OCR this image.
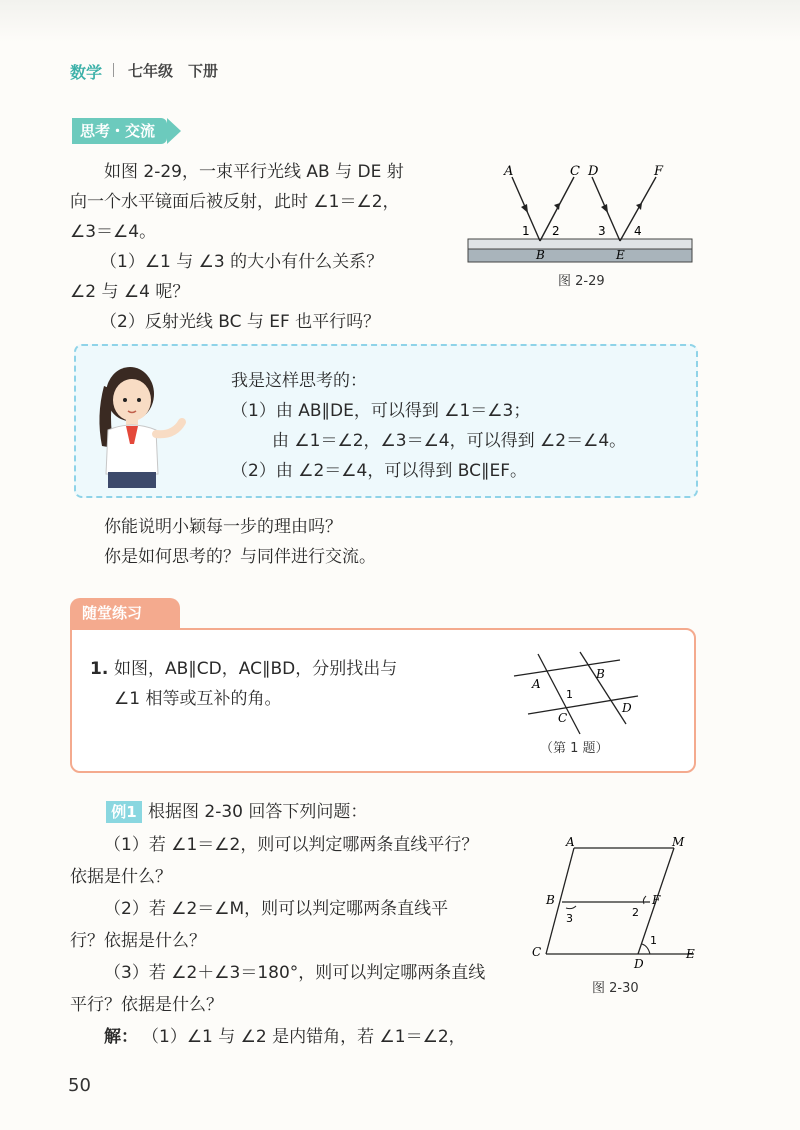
数学 七年级　下册
思考・交流
如图 2-29，一束平行光线 AB 与 DE 射
向一个水平镜面后被反射，此时 ∠1＝∠2，
∠3＝∠4。
（1）∠1 与 ∠3 的大小有什么关系？
∠2 与 ∠4 呢？
（2）反射光线 BC 与 EF 也平行吗？
A	C D	F
B	E
1 2	3 4
图 2-29
我是这样思考的：
（1）由 AB∥DE，可以得到 ∠1＝∠3；
由 ∠1＝∠2，∠3＝∠4，可以得到 ∠2＝∠4。
（2）由 ∠2＝∠4，可以得到 BC∥EF。
你能说明小颖每一步的理由吗？
你是如何思考的？与同伴进行交流。
随堂练习
1. 如图，AB∥CD，AC∥BD，分别找出与
∠1 相等或互补的角。
A
B
C
D
1
（第 1 题）
例1 根据图 2-30 回答下列问题：
（1）若 ∠1＝∠2，则可以判定哪两条直线平行？
依据是什么？
（2）若 ∠2＝∠M，则可以判定哪两条直线平
行？依据是什么？
（3）若 ∠2＋∠3＝180°，则可以判定哪两条直线
平行？依据是什么？
解： （1）∠1 与 ∠2 是内错角，若 ∠1＝∠2，
A	M
B	F
C
D
E
1
2
3
图 2-30
50
